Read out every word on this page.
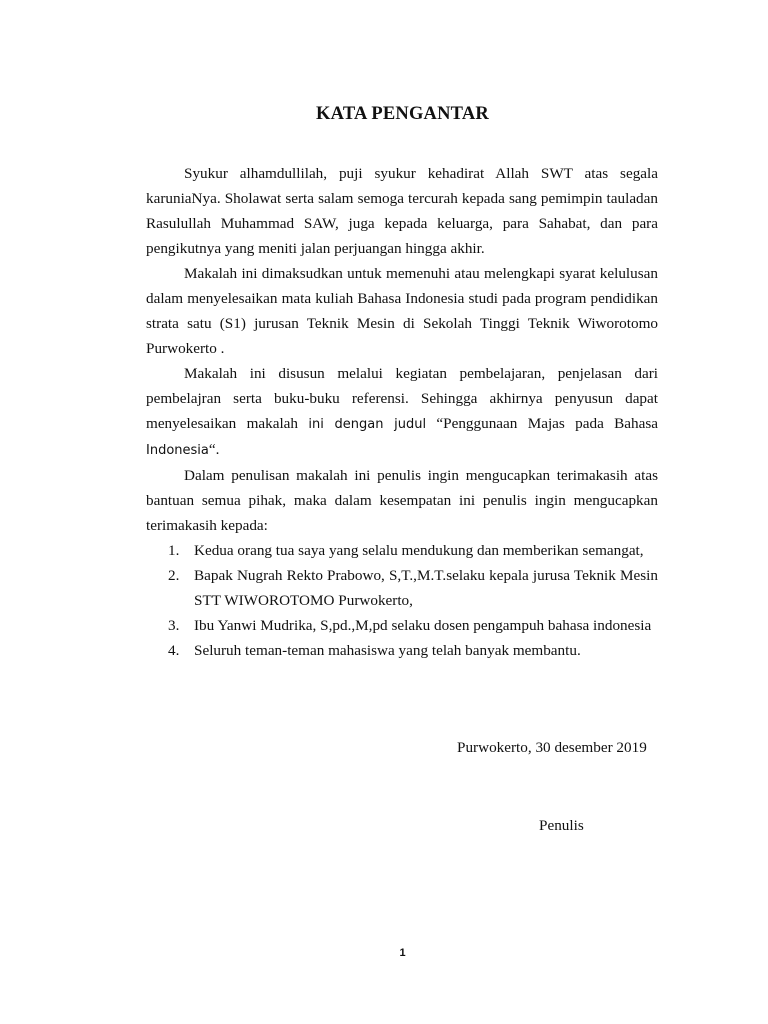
KATA PENGANTAR

Syukur alhamdullilah, puji syukur kehadirat Allah SWT atas segala karuniaNya. Sholawat serta salam semoga tercurah kepada sang pemimpin tauladan Rasulullah Muhammad SAW, juga kepada keluarga, para Sahabat, dan para pengikutnya yang meniti jalan perjuangan hingga akhir.

Makalah ini dimaksudkan untuk memenuhi atau melengkapi syarat kelulusan dalam menyelesaikan mata kuliah Bahasa Indonesia studi pada program pendidikan strata satu (S1) jurusan Teknik Mesin di Sekolah Tinggi Teknik Wiworotomo Purwokerto .

Makalah ini disusun melalui kegiatan pembelajaran, penjelasan dari pembelajran serta buku-buku referensi. Sehingga akhirnya penyusun dapat menyelesaikan makalah ini dengan judul “Penggunaan Majas pada Bahasa Indonesia“.

Dalam penulisan makalah ini penulis ingin mengucapkan terimakasih atas bantuan semua pihak, maka dalam kesempatan ini penulis ingin mengucapkan terimakasih kepada:

1. Kedua orang tua saya yang selalu mendukung dan memberikan semangat,
2. Bapak Nugrah Rekto Prabowo, S,T.,M.T.selaku kepala jurusa Teknik Mesin STT WIWOROTOMO Purwokerto,
3. Ibu Yanwi Mudrika, S,pd.,M,pd selaku dosen pengampuh bahasa indonesia
4. Seluruh teman-teman mahasiswa yang telah banyak membantu.
Purwokerto, 30 desember 2019
Penulis
1
